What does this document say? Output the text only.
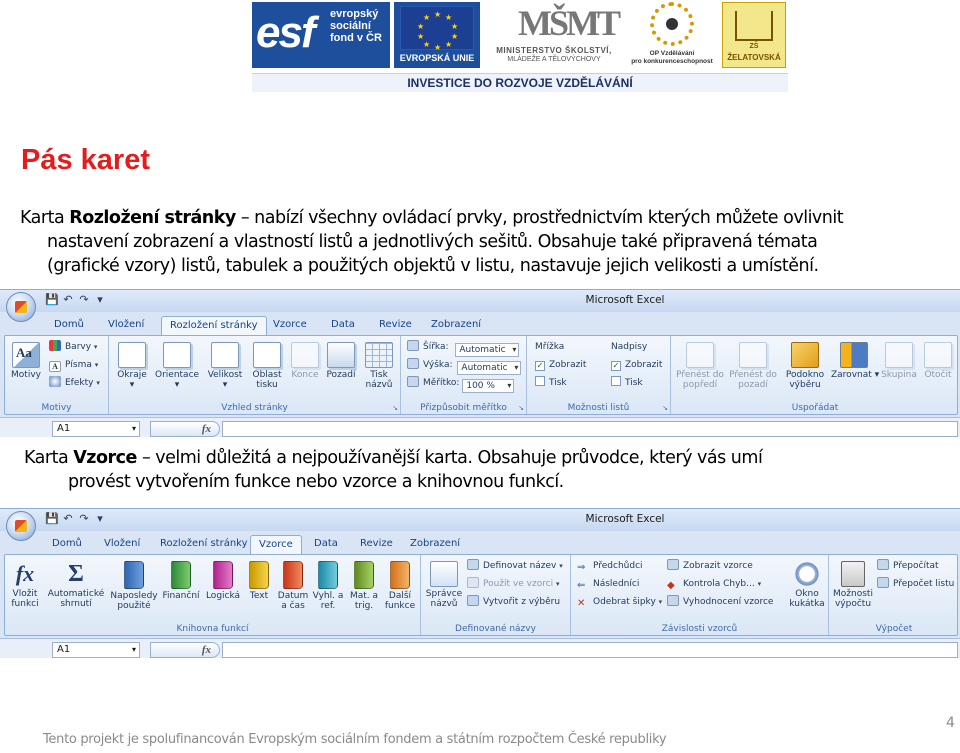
esf evropský
sociální
fond v ČR
★ ★
★
★
★
★
★
★
★
★
EVROPSKÁ UNIE
MŠMT
MINISTERSTVO ŠKOLSTVÍ,
MLÁDEŽE A TĚLOVÝCHOVY
OP Vzdělávání
pro konkurenceschopnost
ZŠ
ŽELATOVSKÁ
INVESTICE DO ROZVOJE VZDĚLÁVÁNÍ
Pás karet
Karta Rozložení stránky – nabízí všechny ovládací prvky, prostřednictvím kterých můžete ovlivnit
nastavení zobrazení a vlastností listů a jednotlivých sešitů. Obsahuje také připravená témata
(grafické vzory) listů, tabulek a použitých objektů v listu, nastavuje jejich velikosti a umístění.
Microsoft Excel
💾 ↶ ↷ ▾
Domů	Vložení	Rozložení stránky	Vzorce	Data	Revize	Zobrazení
Aa
Motivy
Barvy ▾
A Písma ▾
Efekty ▾
Motivy
Okraje
▾
Orientace
▾
Velikost
▾
Oblast tisku
Konce Pozadí	Tisk názvů
Vzhled stránky	↘
Šířka: Automatic ▾
Výška: Automatic ▾
Měřítko: 100 % ▾
Přizpůsobit měřítko	↘
Mřížka
✓ Zobrazit
Tisk
Nadpisy
✓ Zobrazit
Tisk
Možnosti listů	↘
Přenést do popředí
Přenést do pozadí
Podokno výběru
Zarovnat ▾ Skupina Otočit
Uspořádat
A1 ▾	fx
Karta Vzorce – velmi důležitá a nejpoužívanější karta. Obsahuje průvodce, který vás umí
provést vytvořením funkce nebo vzorce a knihovnou funkcí.
Microsoft Excel
💾 ↶ ↷ ▾
Domů	Vložení	Rozložení stránky	Vzorce	Data	Revize	Zobrazení
fx
Vložit funkci
Σ
Automatické shrnutí
Naposledy použité
Finanční Logická	Text	Datum a čas
Vyhl. a ref.
Mat. a trig.
Další funkce
Knihovna funkcí
Správce názvů
Definovat název ▾
Použít ve vzorci ▾
Vytvořit z výběru
Definované názvy
⇒ Předchůdci
⇐ Následníci
✕ Odebrat šipky ▾
Zobrazit vzorce
◆ Kontrola Chyb... ▾
Vyhodnocení vzorce
Okno kukátka
Závislosti vzorců
Možnosti výpočtu
Přepočítat
Přepočet listu
Výpočet
A1 ▾	fx
Tento projekt je spolufinancován Evropským sociálním fondem a státním rozpočtem České republiky
4
